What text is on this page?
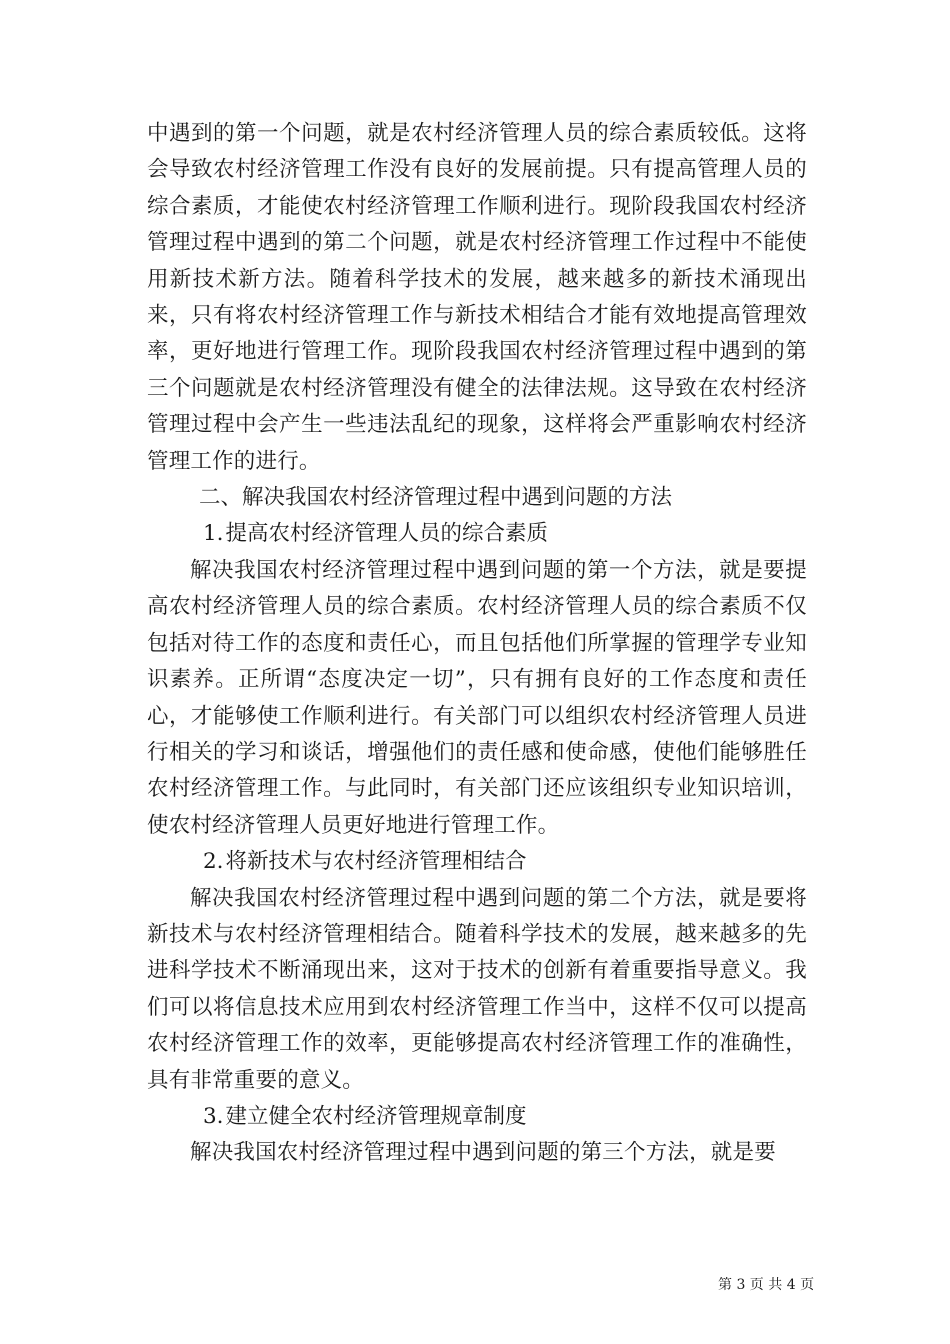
中遇到的第一个问题，就是农村经济管理人员的综合素质较低。这将会导致农村经济管理工作没有良好的发展前提。只有提高管理人员的综合素质，才能使农村经济管理工作顺利进行。现阶段我国农村经济管理过程中遇到的第二个问题，就是农村经济管理工作过程中不能使用新技术新方法。随着科学技术的发展，越来越多的新技术涌现出来，只有将农村经济管理工作与新技术相结合才能有效地提高管理效率，更好地进行管理工作。现阶段我国农村经济管理过程中遇到的第三个问题就是农村经济管理没有健全的法律法规。这导致在农村经济管理过程中会产生一些违法乱纪的现象，这样将会严重影响农村经济管理工作的进行。

二、解决我国农村经济管理过程中遇到问题的方法

1.提高农村经济管理人员的综合素质

解决我国农村经济管理过程中遇到问题的第一个方法，就是要提高农村经济管理人员的综合素质。农村经济管理人员的综合素质不仅包括对待工作的态度和责任心，而且包括他们所掌握的管理学专业知识素养。正所谓“态度决定一切”，只有拥有良好的工作态度和责任心，才能够使工作顺利进行。有关部门可以组织农村经济管理人员进行相关的学习和谈话，增强他们的责任感和使命感，使他们能够胜任农村经济管理工作。与此同时，有关部门还应该组织专业知识培训，使农村经济管理人员更好地进行管理工作。

2.将新技术与农村经济管理相结合

解决我国农村经济管理过程中遇到问题的第二个方法，就是要将新技术与农村经济管理相结合。随着科学技术的发展，越来越多的先进科学技术不断涌现出来，这对于技术的创新有着重要指导意义。我们可以将信息技术应用到农村经济管理工作当中，这样不仅可以提高农村经济管理工作的效率，更能够提高农村经济管理工作的准确性，具有非常重要的意义。

3.建立健全农村经济管理规章制度

解决我国农村经济管理过程中遇到问题的第三个方法，就是要

第 3 页 共 4 页
